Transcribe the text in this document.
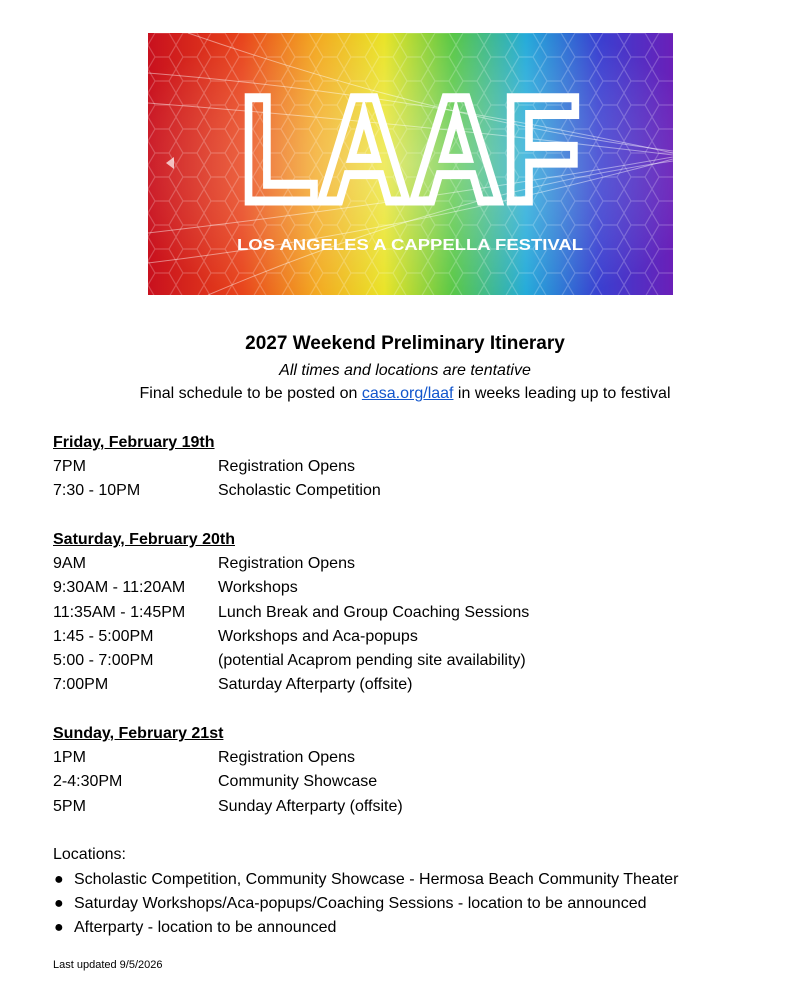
LAAF
LOS ANGELES A CAPPELLA FESTIVAL
2027 Weekend Preliminary Itinerary
All times and locations are tentative
Final schedule to be posted on casa.org/laaf in weeks leading up to festival
Friday, February 19th
7PM	Registration Opens
7:30 - 10PM	Scholastic Competition
Saturday, February 20th
9AM	Registration Opens
9:30AM - 11:20AM	Workshops
11:35AM - 1:45PM	Lunch Break and Group Coaching Sessions
1:45 - 5:00PM	Workshops and Aca-popups
5:00 - 7:00PM	(potential Acaprom pending site availability)
7:00PM	Saturday Afterparty (offsite)
Sunday, February 21st
1PM	Registration Opens
2-4:30PM	Community Showcase
5PM	Sunday Afterparty (offsite)
Locations:
● Scholastic Competition, Community Showcase - Hermosa Beach Community Theater
● Saturday Workshops/Aca-popups/Coaching Sessions - location to be announced
● Afterparty - location to be announced
Last updated 9/5/2026
